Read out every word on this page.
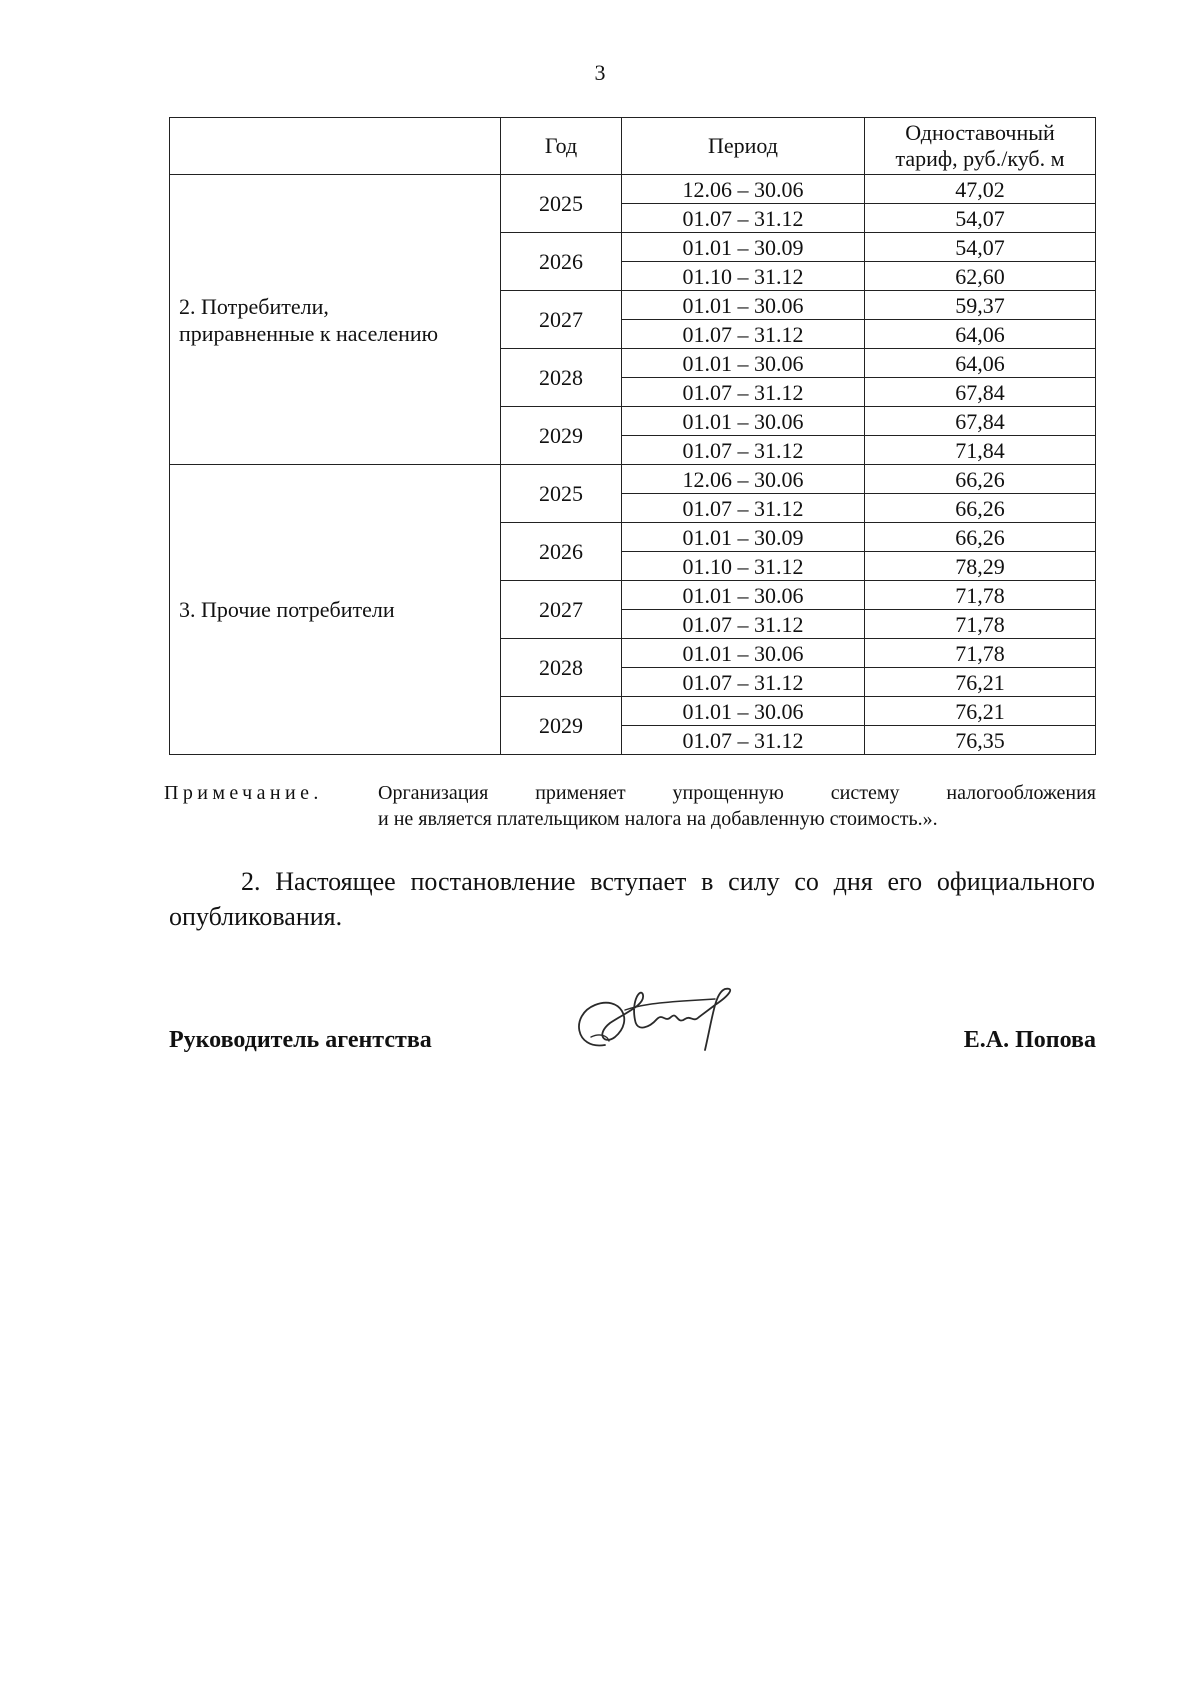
3
	Год	Период	Одноставочный
тариф, руб./куб. м
2. Потребители,
приравненные к населению	2025	12.06 – 30.06	47,02
		01.07 – 31.12	54,07
	2026	01.01 – 30.09	54,07
		01.10 – 31.12	62,60
	2027	01.01 – 30.06	59,37
		01.07 – 31.12	64,06
	2028	01.01 – 30.06	64,06
		01.07 – 31.12	67,84
	2029	01.01 – 30.06	67,84
		01.07 – 31.12	71,84
3. Прочие потребители	2025	12.06 – 30.06	66,26
		01.07 – 31.12	66,26
	2026	01.01 – 30.09	66,26
		01.10 – 31.12	78,29
	2027	01.01 – 30.06	71,78
		01.07 – 31.12	71,78
	2028	01.01 – 30.06	71,78
		01.07 – 31.12	76,21
	2029	01.01 – 30.06	76,21
		01.07 – 31.12	76,35
Примечание.	Организация применяет упрощенную систему налогообложения
и не является плательщиком налога на добавленную стоимость.».
2. Настоящее постановление вступает в силу со дня его официального
опубликования.
Руководитель агентства	Е.А. Попова
